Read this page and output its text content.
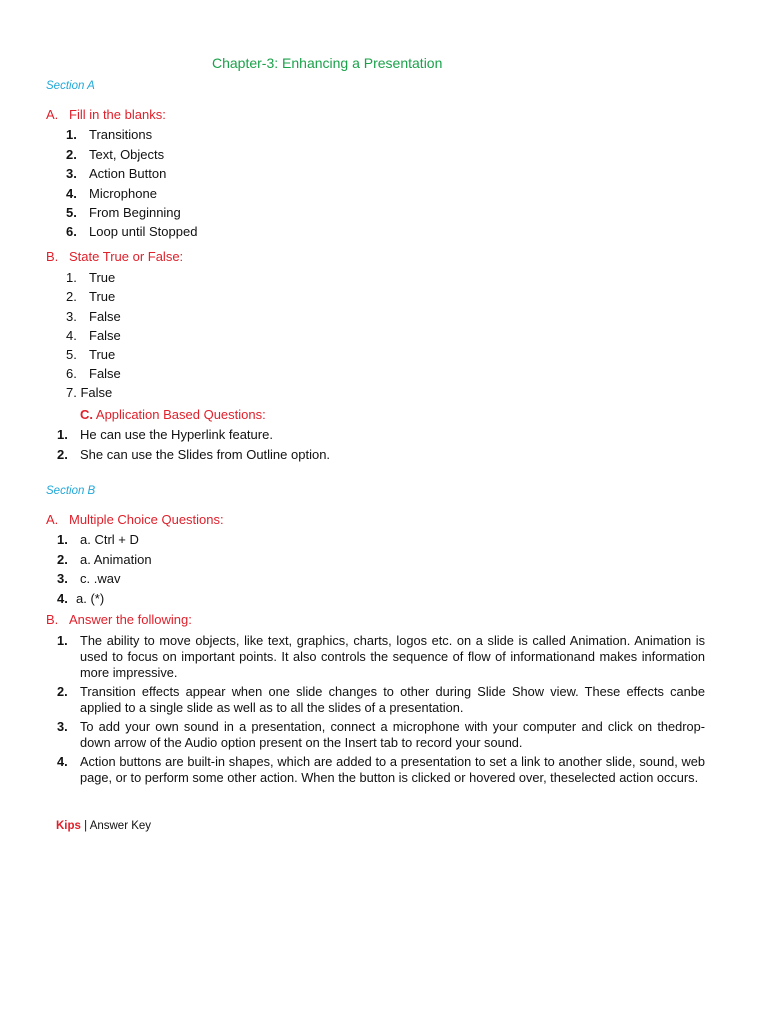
Chapter-3: Enhancing a Presentation
Section A
A. Fill in the blanks:
1. Transitions
2. Text, Objects
3. Action Button
4. Microphone
5. From Beginning
6. Loop until Stopped
B. State True or False:
1. True
2. True
3. False
4. False
5. True
6. False
7. False
C. Application Based Questions:
1. He can use the Hyperlink feature.
2. She can use the Slides from Outline option.
Section B
A. Multiple Choice Questions:
1. a. Ctrl + D
2. a. Animation
3. c. .wav
4. a. (*)
B. Answer the following:
1. The ability to move objects, like text, graphics, charts, logos etc. on a slide is called Animation. Animation is used to focus on important points. It also controls the sequence of flow of informationand makes information more impressive.
2. Transition effects appear when one slide changes to other during Slide Show view. These effects canbe applied to a single slide as well as to all the slides of a presentation.
3. To add your own sound in a presentation, connect a microphone with your computer and click on thedrop-down arrow of the Audio option present on the Insert tab to record your sound.
4. Action buttons are built-in shapes, which are added to a presentation to set a link to another slide, sound, web page, or to perform some other action. When the button is clicked or hovered over, theselected action occurs.
Kips | Answer Key
